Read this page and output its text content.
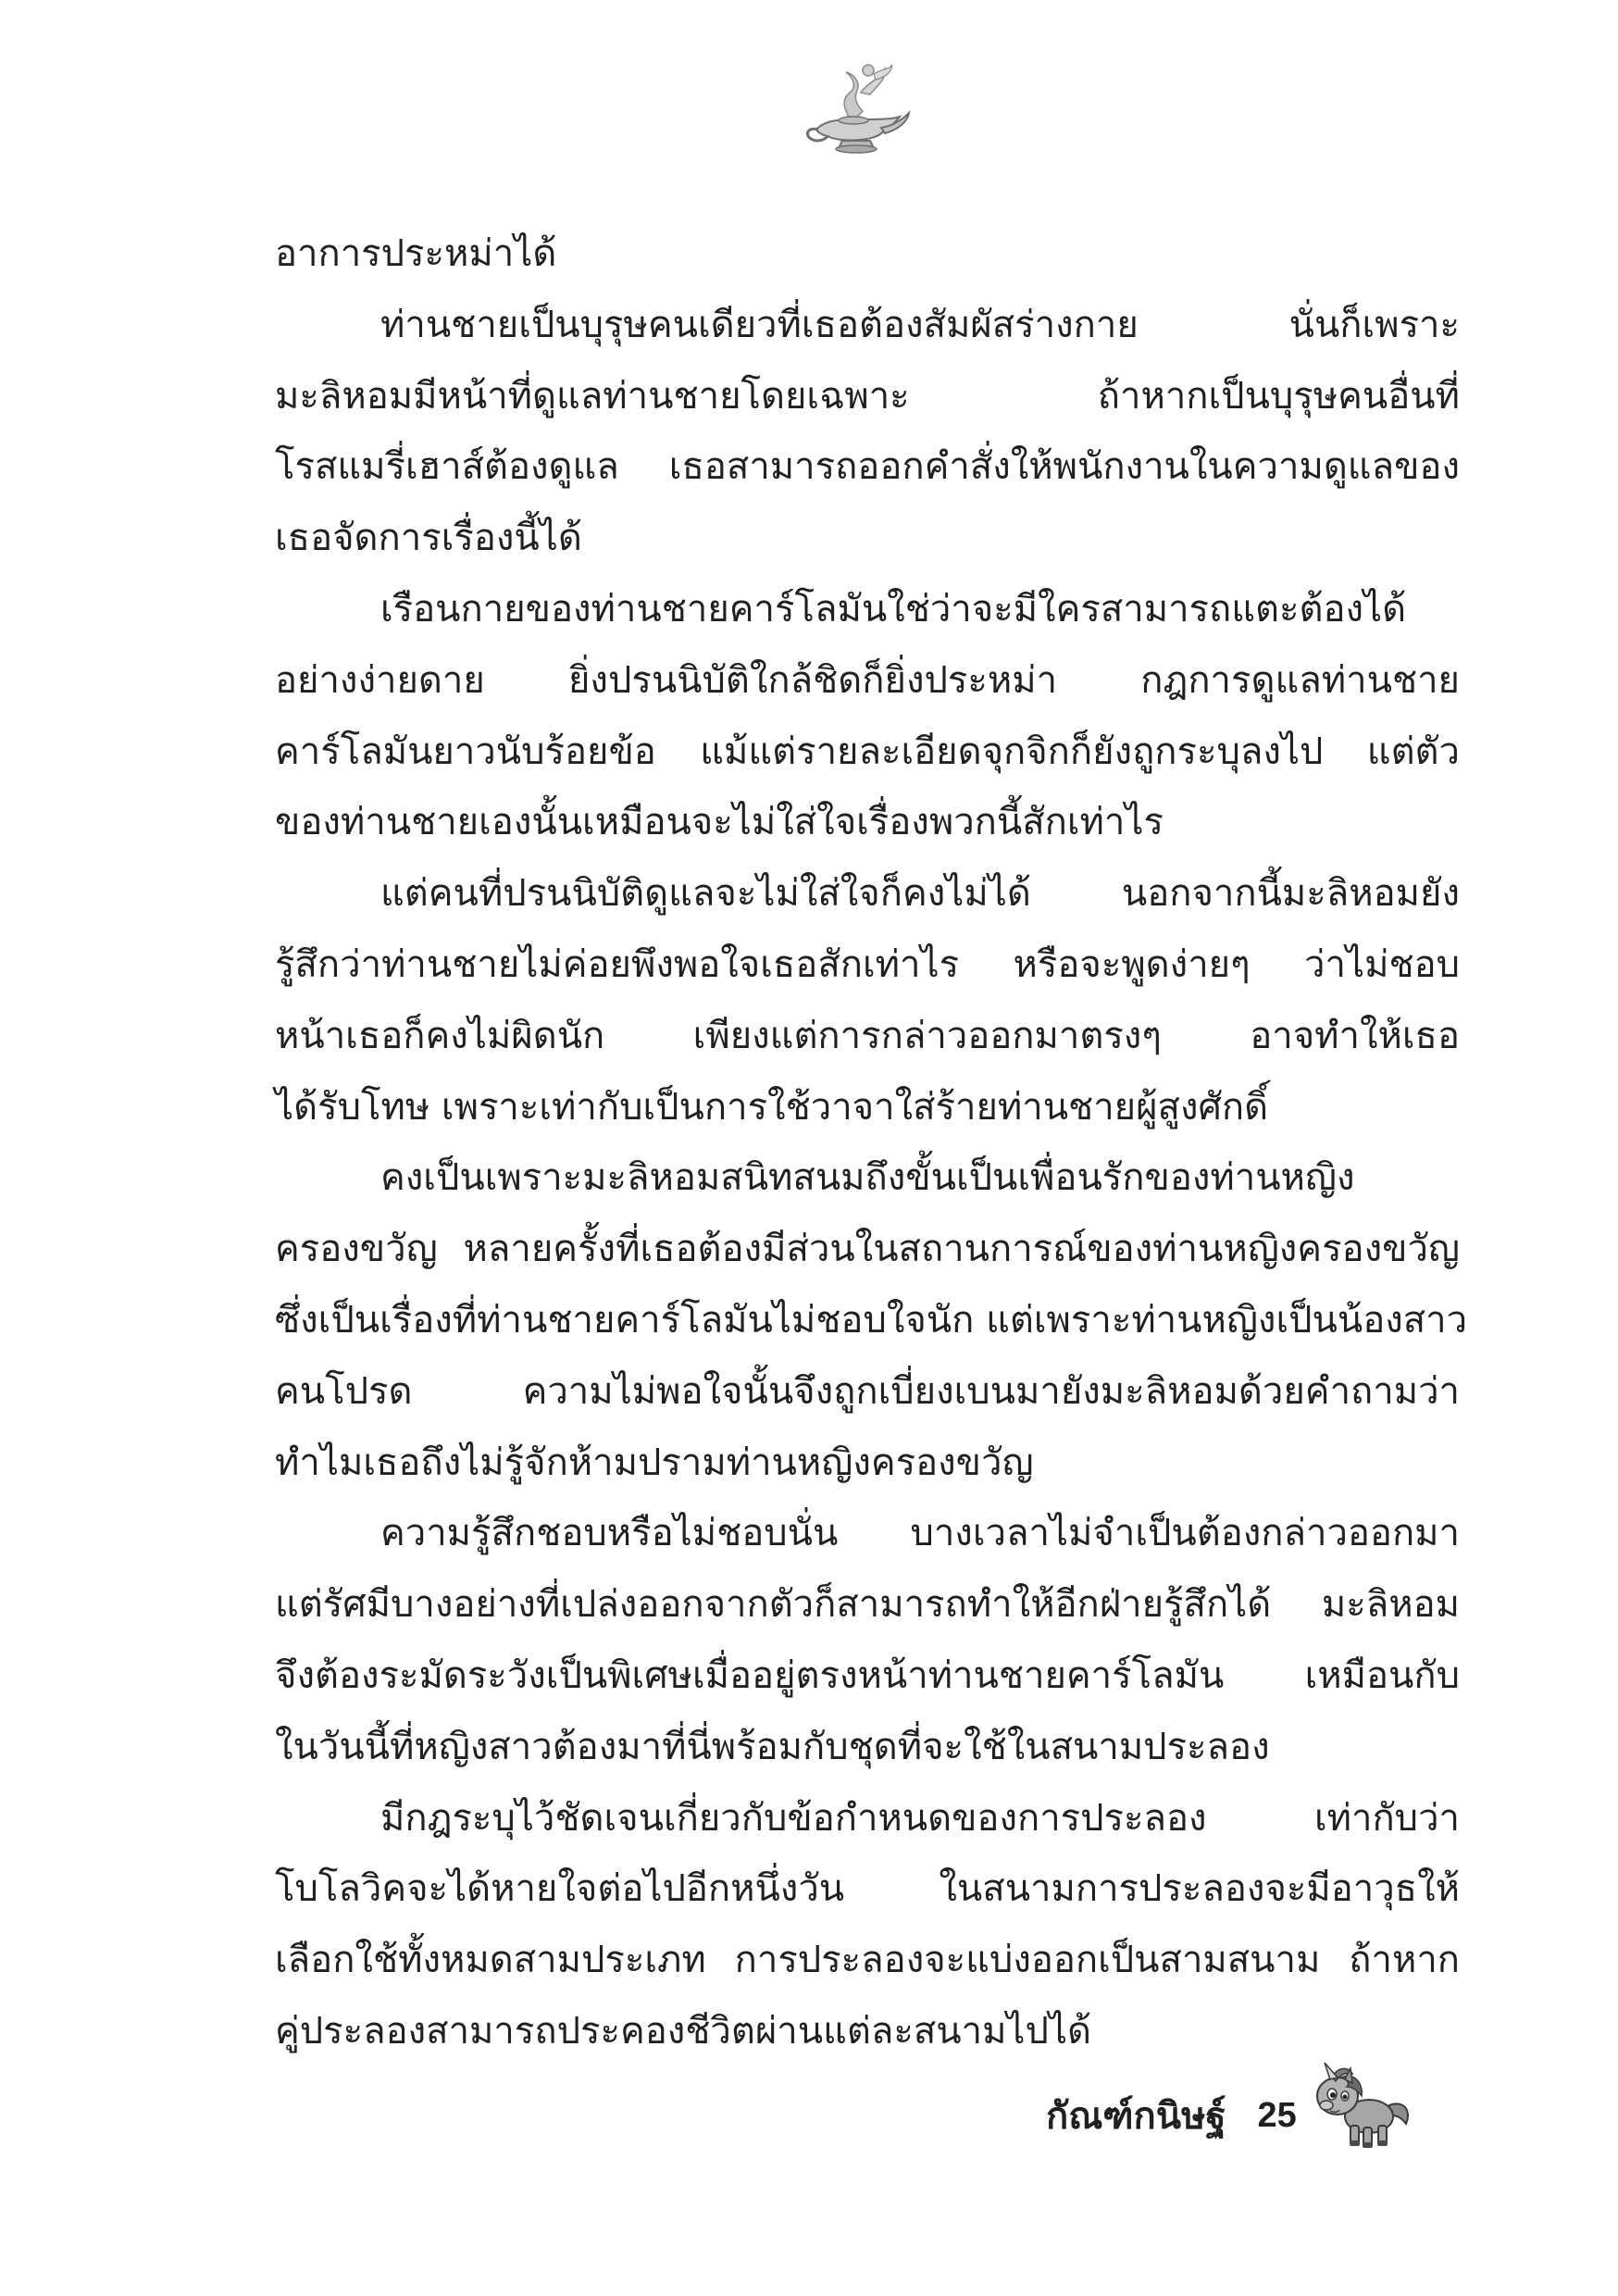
อาการประหม่าได้
ท่านชายเป็นบุรุษคนเดียวที่เธอต้องสัมผัสร่างกาย นั่นก็เพราะ
มะลิหอมมีหน้าที่ดูแลท่านชายโดยเฉพาะ ถ้าหากเป็นบุรุษคนอื่นที่
โรสแมรี่เฮาส์ต้องดูแล เธอสามารถออกคำสั่งให้พนักงานในความดูแลของ
เธอจัดการเรื่องนี้ได้
เรือนกายของท่านชายคาร์โลมันใช่ว่าจะมีใครสามารถแตะต้องได้
อย่างง่ายดาย ยิ่งปรนนิบัติใกล้ชิดก็ยิ่งประหม่า กฎการดูแลท่านชาย
คาร์โลมันยาวนับร้อยข้อ แม้แต่รายละเอียดจุกจิกก็ยังถูกระบุลงไป แต่ตัว
ของท่านชายเองนั้นเหมือนจะไม่ใส่ใจเรื่องพวกนี้สักเท่าไร
แต่คนที่ปรนนิบัติดูแลจะไม่ใส่ใจก็คงไม่ได้ นอกจากนี้มะลิหอมยัง
รู้สึกว่าท่านชายไม่ค่อยพึงพอใจเธอสักเท่าไร หรือจะพูดง่ายๆ ว่าไม่ชอบ
หน้าเธอก็คงไม่ผิดนัก เพียงแต่การกล่าวออกมาตรงๆ อาจทำให้เธอ
ได้รับโทษ เพราะเท่ากับเป็นการใช้วาจาใส่ร้ายท่านชายผู้สูงศักดิ์
คงเป็นเพราะมะลิหอมสนิทสนมถึงขั้นเป็นเพื่อนรักของท่านหญิง
ครองขวัญ หลายครั้งที่เธอต้องมีส่วนในสถานการณ์ของท่านหญิงครองขวัญ
ซึ่งเป็นเรื่องที่ท่านชายคาร์โลมันไม่ชอบใจนัก แต่เพราะท่านหญิงเป็นน้องสาว
คนโปรด ความไม่พอใจนั้นจึงถูกเบี่ยงเบนมายังมะลิหอมด้วยคำถามว่า
ทำไมเธอถึงไม่รู้จักห้ามปรามท่านหญิงครองขวัญ
ความรู้สึกชอบหรือไม่ชอบนั่น บางเวลาไม่จำเป็นต้องกล่าวออกมา
แต่รัศมีบางอย่างที่เปล่งออกจากตัวก็สามารถทำให้อีกฝ่ายรู้สึกได้ มะลิหอม
จึงต้องระมัดระวังเป็นพิเศษเมื่ออยู่ตรงหน้าท่านชายคาร์โลมัน เหมือนกับ
ในวันนี้ที่หญิงสาวต้องมาที่นี่พร้อมกับชุดที่จะใช้ในสนามประลอง
มีกฎระบุไว้ชัดเจนเกี่ยวกับข้อกำหนดของการประลอง เท่ากับว่า
โบโลวิคจะได้หายใจต่อไปอีกหนึ่งวัน ในสนามการประลองจะมีอาวุธให้
เลือกใช้ทั้งหมดสามประเภท การประลองจะแบ่งออกเป็นสามสนาม ถ้าหาก
คู่ประลองสามารถประคองชีวิตผ่านแต่ละสนามไปได้
กัณฑ์กนิษฐ์ 25
